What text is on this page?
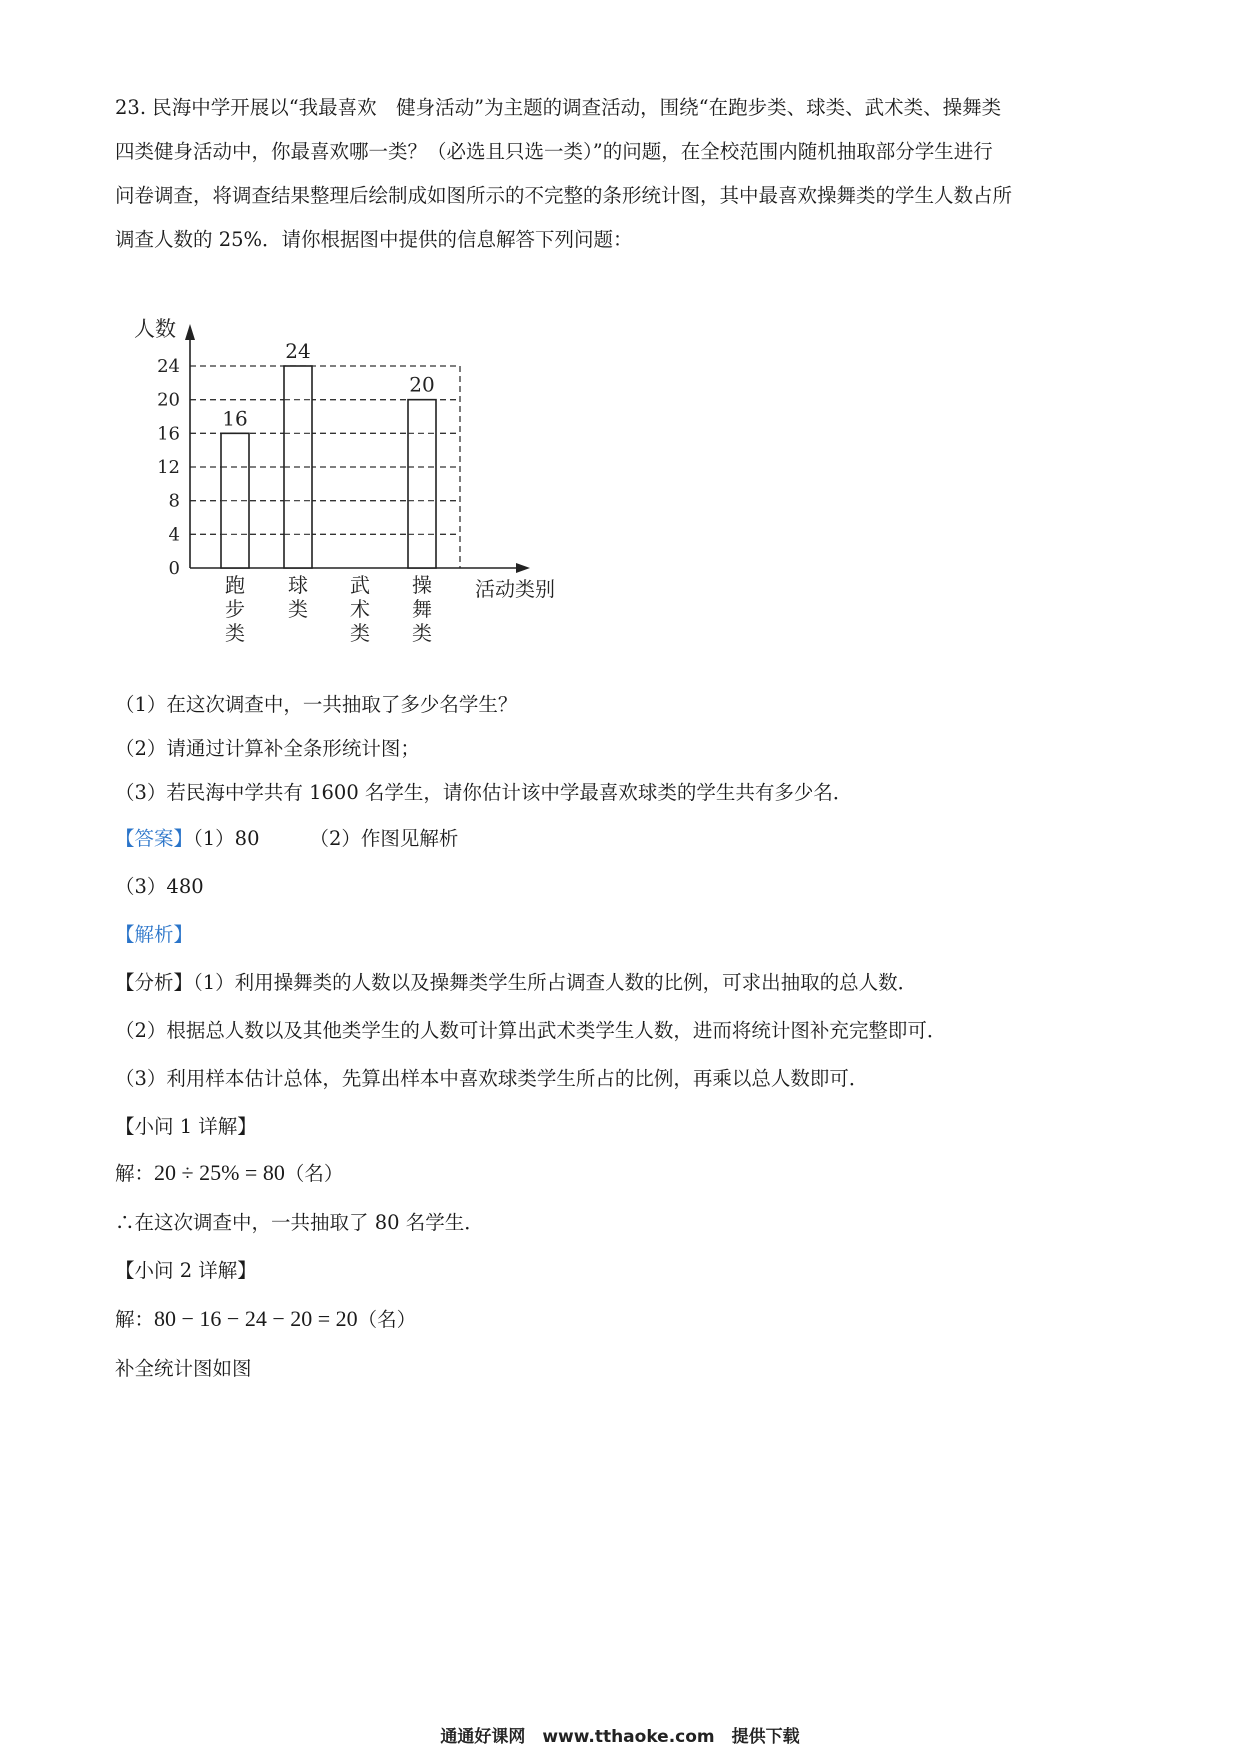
23. 民海中学开展以“我最喜欢　健身活动”为主题的调查活动，围绕“在跑步类、球类、武术类、操舞类
四类健身活动中，你最喜欢哪一类？（必选且只选一类）”的问题，在全校范围内随机抽取部分学生进行
问卷调查，将调查结果整理后绘制成如图所示的不完整的条形统计图，其中最喜欢操舞类的学生人数占所
调查人数的 25%．请你根据图中提供的信息解答下列问题：
0
4
8
12
16
20
24
人数
16
跑
步
类
24
球
类
武
术
类
20
操
舞
类
活动类别
（1）在这次调查中，一共抽取了多少名学生？
（2）请通过计算补全条形统计图；
（3）若民海中学共有 1600 名学生，请你估计该中学最喜欢球类的学生共有多少名．
【答案】（1）80	（2）作图见解析
（3）480
【解析】
【分析】（1）利用操舞类的人数以及操舞类学生所占调查人数的比例，可求出抽取的总人数．
（2）根据总人数以及其他类学生的人数可计算出武术类学生人数，进而将统计图补充完整即可．
（3）利用样本估计总体，先算出样本中喜欢球类学生所占的比例，再乘以总人数即可．
【小问 1 详解】
解：20 ÷ 25% = 80（名）
∴在这次调查中，一共抽取了 80 名学生．
【小问 2 详解】
解：80 − 16 − 24 − 20 = 20（名）
补全统计图如图
通通好课网　www.tthaoke.com　提供下载
